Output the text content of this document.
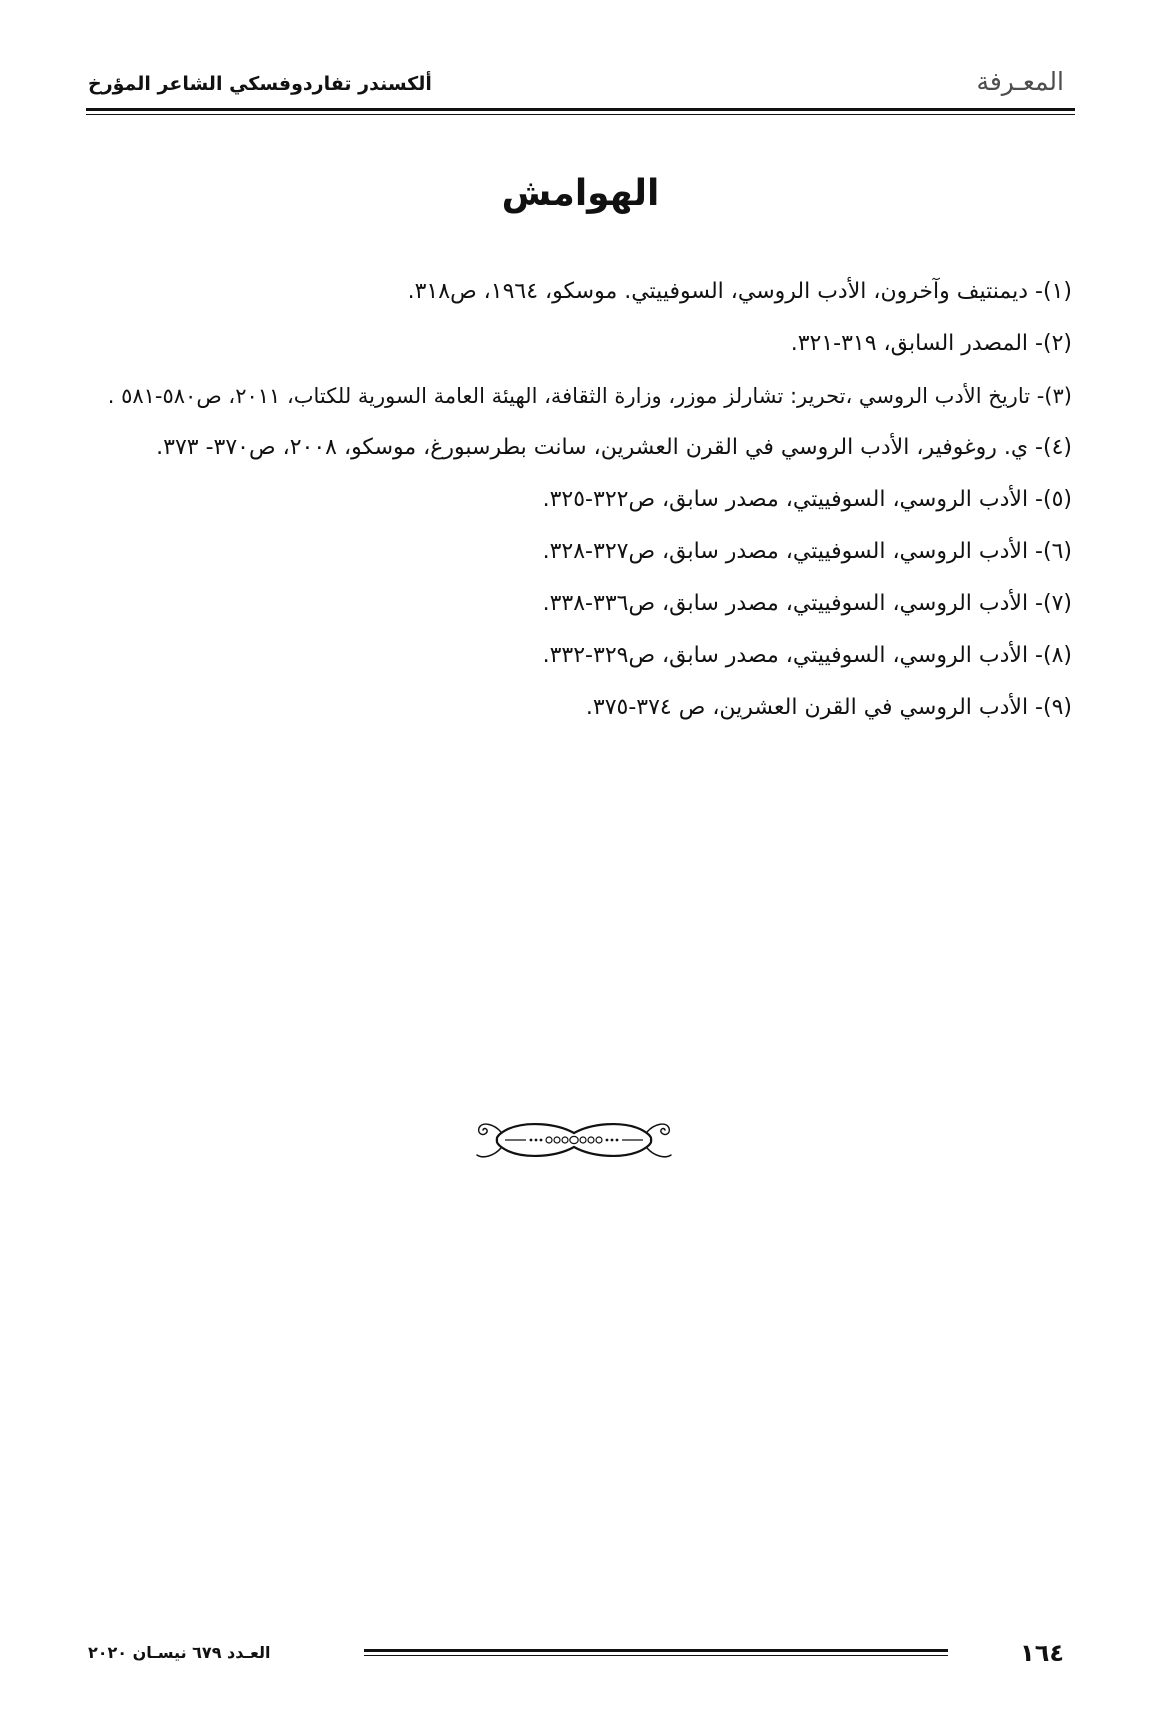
المعـرفة
ألكسندر تفاردوفسكي الشاعر المؤرخ
الهوامش
(١)- ديمنتيف وآخرون، الأدب الروسي، السوفييتي. موسكو، ١٩٦٤، ص٣١٨.
(٢)- المصدر السابق، ٣١٩-٣٢١.
(٣)- تاريخ الأدب الروسي ،تحرير: تشارلز موزر، وزارة الثقافة، الهيئة العامة السورية للكتاب، ٢٠١١، ص٥٨٠-٥٨١ .
(٤)- ي. روغوفير، الأدب الروسي في القرن العشرين، سانت بطرسبورغ، موسكو، ٢٠٠٨، ص٣٧٠- ٣٧٣.
(٥)- الأدب الروسي، السوفييتي، مصدر سابق، ص٣٢٢-٣٢٥.
(٦)- الأدب الروسي، السوفييتي، مصدر سابق، ص٣٢٧-٣٢٨.
(٧)- الأدب الروسي، السوفييتي، مصدر سابق، ص٣٣٦-٣٣٨.
(٨)- الأدب الروسي، السوفييتي، مصدر سابق، ص٣٢٩-٣٣٢.
(٩)- الأدب الروسي في القرن العشرين، ص ٣٧٤-٣٧٥.
العـدد ٦٧٩ نيسـان ٢٠٢٠	١٦٤
